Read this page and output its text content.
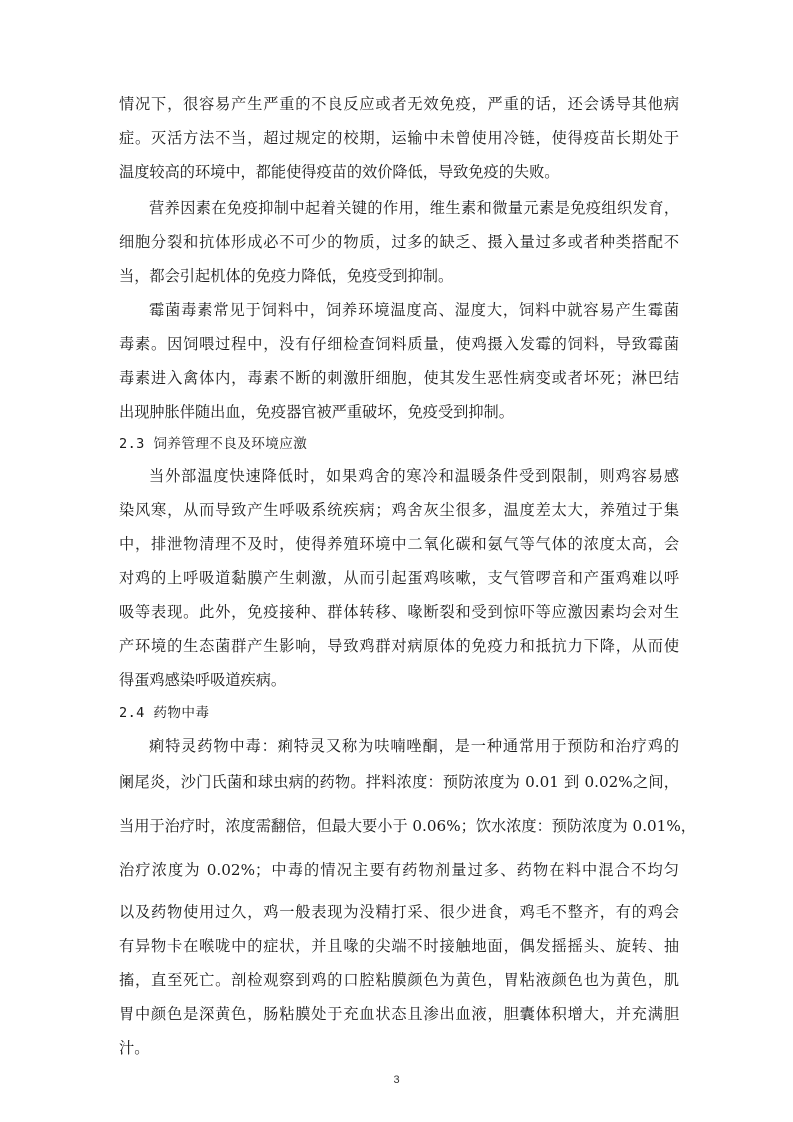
情况下，很容易产生严重的不良反应或者无效免疫，严重的话，还会诱导其他病
症。灭活方法不当，超过规定的校期，运输中未曾使用冷链，使得疫苗长期处于
温度较高的环境中，都能使得疫苗的效价降低，导致免疫的失败。
营养因素在免疫抑制中起着关键的作用，维生素和微量元素是免疫组织发育，
细胞分裂和抗体形成必不可少的物质，过多的缺乏、摄入量过多或者种类搭配不
当，都会引起机体的免疫力降低，免疫受到抑制。
霉菌毒素常见于饲料中，饲养环境温度高、湿度大，饲料中就容易产生霉菌
毒素。因饲喂过程中，没有仔细检查饲料质量，使鸡摄入发霉的饲料，导致霉菌
毒素进入禽体内，毒素不断的刺激肝细胞，使其发生恶性病变或者坏死；淋巴结
出现肿胀伴随出血，免疫器官被严重破坏，免疫受到抑制。
2.3 饲养管理不良及环境应激
当外部温度快速降低时，如果鸡舍的寒冷和温暖条件受到限制，则鸡容易感
染风寒，从而导致产生呼吸系统疾病；鸡舍灰尘很多，温度差太大，养殖过于集
中，排泄物清理不及时，使得养殖环境中二氧化碳和氨气等气体的浓度太高，会
对鸡的上呼吸道黏膜产生刺激，从而引起蛋鸡咳嗽，支气管啰音和产蛋鸡难以呼
吸等表现。此外，免疫接种、群体转移、喙断裂和受到惊吓等应激因素均会对生
产环境的生态菌群产生影响，导致鸡群对病原体的免疫力和抵抗力下降，从而使
得蛋鸡感染呼吸道疾病。
2.4 药物中毒
痢特灵药物中毒：痢特灵又称为呋喃唑酮，是一种通常用于预防和治疗鸡的
阑尾炎，沙门氏菌和球虫病的药物。拌料浓度：预防浓度为 0.01 到 0.02%之间，
当用于治疗时，浓度需翻倍，但最大要小于 0.06%；饮水浓度：预防浓度为 0.01%，
治疗浓度为 0.02%；中毒的情况主要有药物剂量过多、药物在料中混合不均匀
以及药物使用过久，鸡一般表现为没精打采、很少进食，鸡毛不整齐，有的鸡会
有异物卡在喉咙中的症状，并且喙的尖端不时接触地面，偶发摇摇头、旋转、抽
搐，直至死亡。剖检观察到鸡的口腔粘膜颜色为黄色，胃粘液颜色也为黄色，肌
胃中颜色是深黄色，肠粘膜处于充血状态且渗出血液，胆囊体积增大，并充满胆
汁。
3
